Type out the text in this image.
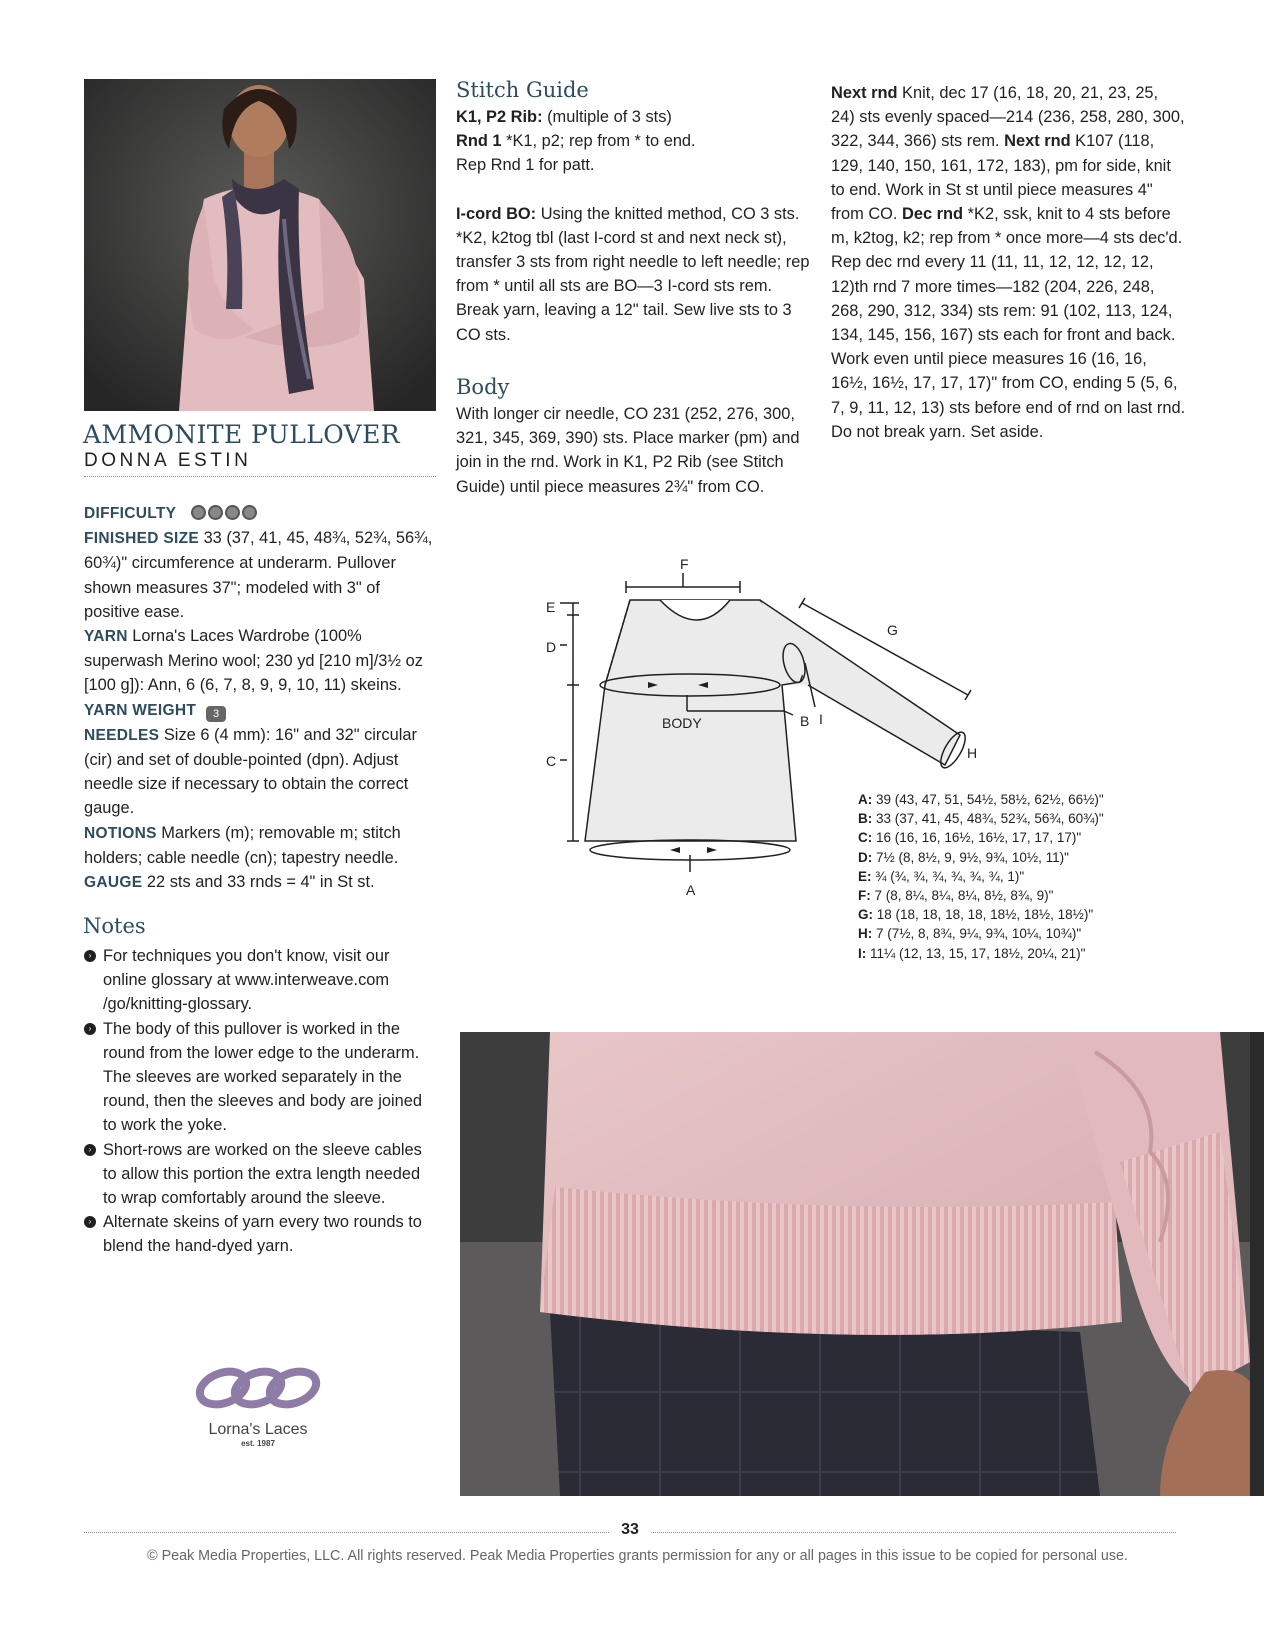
AMMONITE PULLOVER
DONNA ESTIN

DIFFICULTY

FINISHED SIZE 33 (37, 41, 45, 48¾, 52¾, 56¾, 60¾)" circumference at underarm. Pullover shown measures 37"; modeled with 3" of positive ease.

YARN Lorna's Laces Wardrobe (100% superwash Merino wool; 230 yd [210 m]/3½ oz [100 g]): Ann, 6 (6, 7, 8, 9, 9, 10, 11) skeins.

YARN WEIGHT 3

NEEDLES Size 6 (4 mm): 16" and 32" circular (cir) and set of double-pointed (dpn). Adjust needle size if necessary to obtain the correct gauge.

NOTIONS Markers (m); removable m; stitch holders; cable needle (cn); tapestry needle.

GAUGE 22 sts and 33 rnds = 4" in St st.

Notes
› For techniques you don't know, visit our online glossary at www.interweave.com /go/knitting-glossary.
› The body of this pullover is worked in the round from the lower edge to the underarm. The sleeves are worked separately in the round, then the sleeves and body are joined to work the yoke.
› Short-rows are worked on the sleeve cables to allow this portion the extra length needed to wrap comfortably around the sleeve.
› Alternate skeins of yarn every two rounds to blend the hand-dyed yarn.
Lorna's Laces
est. 1987
Stitch Guide

K1, P2 Rib: (multiple of 3 sts)

Rnd 1 *K1, p2; rep from * to end.

Rep Rnd 1 for patt.

I-cord BO: Using the knitted method, CO 3 sts. *K2, k2tog tbl (last I-cord st and next neck st), transfer 3 sts from right needle to left needle; rep from * until all sts are BO—3 I-cord sts rem. Break yarn, leaving a 12" tail. Sew live sts to 3 CO sts.

Body
With longer cir needle, CO 231 (252, 276, 300, 321, 345, 369, 390) sts. Place marker (pm) and join in the rnd. Work in K1, P2 Rib (see Stitch Guide) until piece measures 2¾" from CO.
Next rnd Knit, dec 17 (16, 18, 20, 21, 23, 25, 24) sts evenly spaced—214 (236, 258, 280, 300, 322, 344, 366) sts rem. Next rnd K107 (118, 129, 140, 150, 161, 172, 183), pm for side, knit to end. Work in St st until piece measures 4" from CO. Dec rnd *K2, ssk, knit to 4 sts before m, k2tog, k2; rep from * once more—4 sts dec'd. Rep dec rnd every 11 (11, 11, 12, 12, 12, 12, 12)th rnd 7 more times—182 (204, 226, 248, 268, 290, 312, 334) sts rem: 91 (102, 113, 124, 134, 145, 156, 167) sts each for front and back. Work even until piece measures 16 (16, 16, 16½, 16½, 17, 17, 17)" from CO, ending 5 (5, 6, 7, 9, 11, 12, 13) sts before end of rnd on last rnd. Do not break yarn. Set aside.
BODY
A
B
C
D
E
F
G
H
I
A: 39 (43, 47, 51, 54½, 58½, 62½, 66½)"
B: 33 (37, 41, 45, 48¾, 52¾, 56¾, 60¾)"
C: 16 (16, 16, 16½, 16½, 17, 17, 17)"
D: 7½ (8, 8½, 9, 9½, 9¾, 10½, 11)"
E: ¾ (¾, ¾, ¾, ¾, ¾, ¾, 1)"
F: 7 (8, 8¼, 8¼, 8¼, 8½, 8¾, 9)"
G: 18 (18, 18, 18, 18, 18½, 18½, 18½)"
H: 7 (7½, 8, 8¾, 9¼, 9¾, 10¼, 10¾)"
I: 11¼ (12, 13, 15, 17, 18½, 20¼, 21)"
33
© Peak Media Properties, LLC. All rights reserved. Peak Media Properties grants permission for any or all pages in this issue to be copied for personal use.
